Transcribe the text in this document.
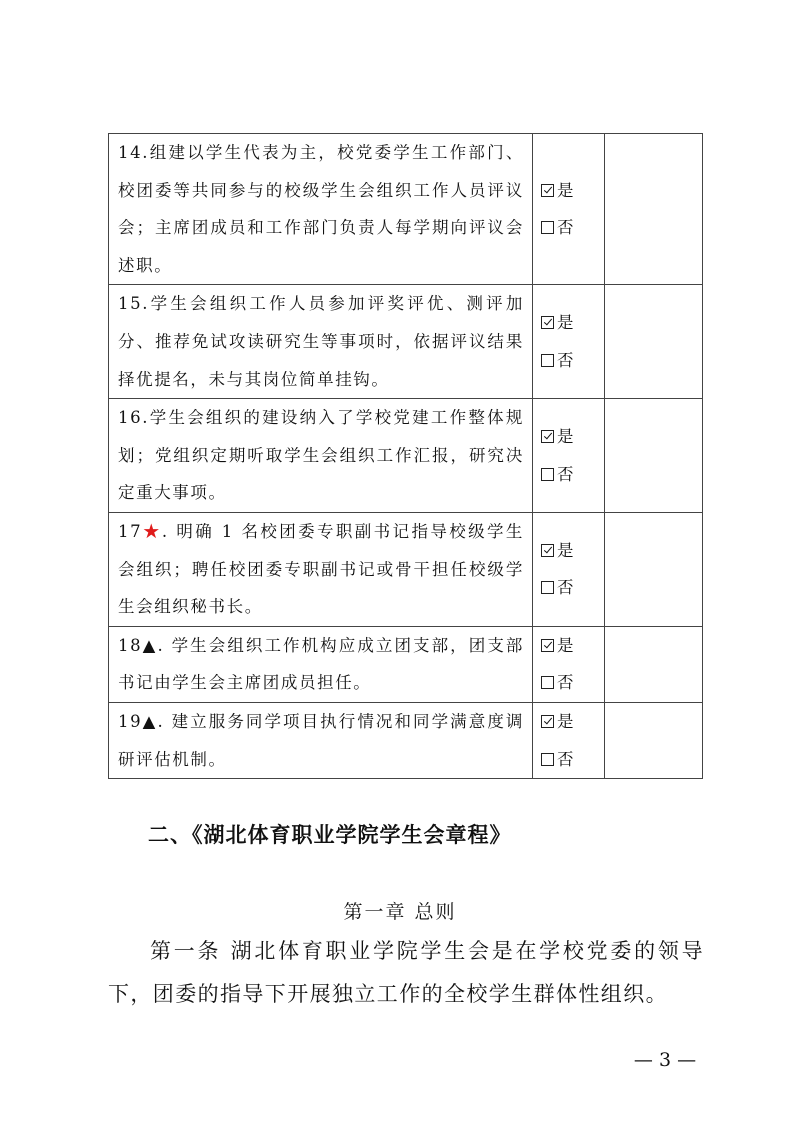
14.组建以学生代表为主，校党委学生工作部门、校团委等共同参与的校级学生会组织工作人员评议会；主席团成员和工作部门负责人每学期向评议会述职。	是
否	

15.学生会组织工作人员参加评奖评优、测评加分、推荐免试攻读研究生等事项时，依据评议结果择优提名，未与其岗位简单挂钩。	是
否	

16.学生会组织的建设纳入了学校党建工作整体规划；党组织定期听取学生会组织工作汇报，研究决定重大事项。	是
否	

17★. 明确 1 名校团委专职副书记指导校级学生会组织；聘任校团委专职副书记或骨干担任校级学生会组织秘书长。	是
否	

18▲. 学生会组织工作机构应成立团支部，团支部书记由学生会主席团成员担任。	是
否	

19▲. 建立服务同学项目执行情况和同学满意度调研评估机制。	是
否	

二、《湖北体育职业学院学生会章程》
第一章 总则

第一条 湖北体育职业学院学生会是在学校党委的领导下，团委的指导下开展独立工作的全校学生群体性组织。

— 3 —
